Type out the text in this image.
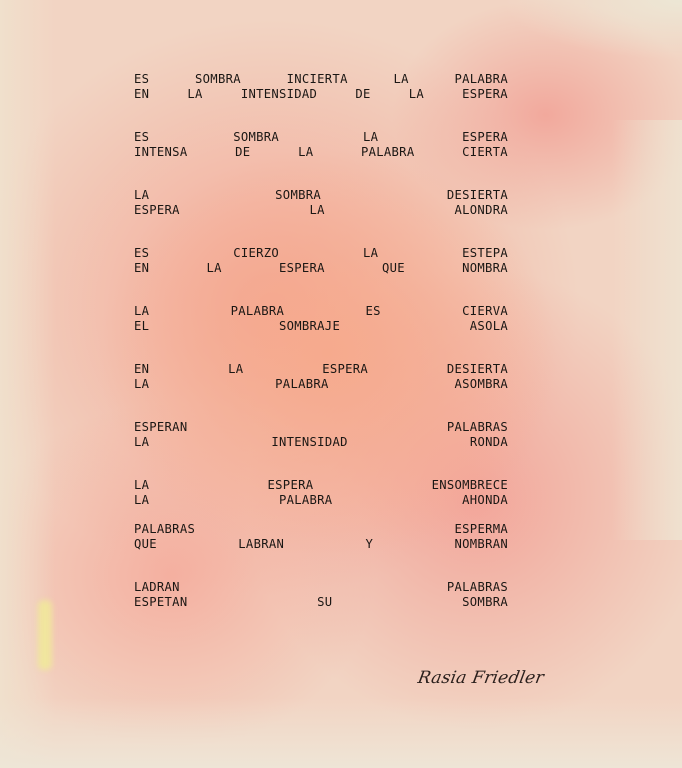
ES	SOMBRA	INCIERTA	LA	PALABRA
EN	LA	INTENSIDAD	DE	LA	ESPERA
ES	SOMBRA	LA	ESPERA
INTENSA	DE	LA	PALABRA	CIERTA
LA	SOMBRA	DESIERTA
ESPERA	LA	ALONDRA
ES	CIERZO	LA	ESTEPA
EN	LA	ESPERA	QUE	NOMBRA
LA	PALABRA	ES	CIERVA
EL	SOMBRAJE	ASOLA
EN	LA	ESPERA	DESIERTA
LA	PALABRA	ASOMBRA
ESPERAN	PALABRAS
LA	INTENSIDAD	RONDA
LA	ESPERA	ENSOMBRECE
LA	PALABRA	AHONDA
PALABRAS	ESPERMA
QUE	LABRAN	Y	NOMBRAN
LADRAN	PALABRAS
ESPETAN	SU	SOMBRA
Rasia Friedler
